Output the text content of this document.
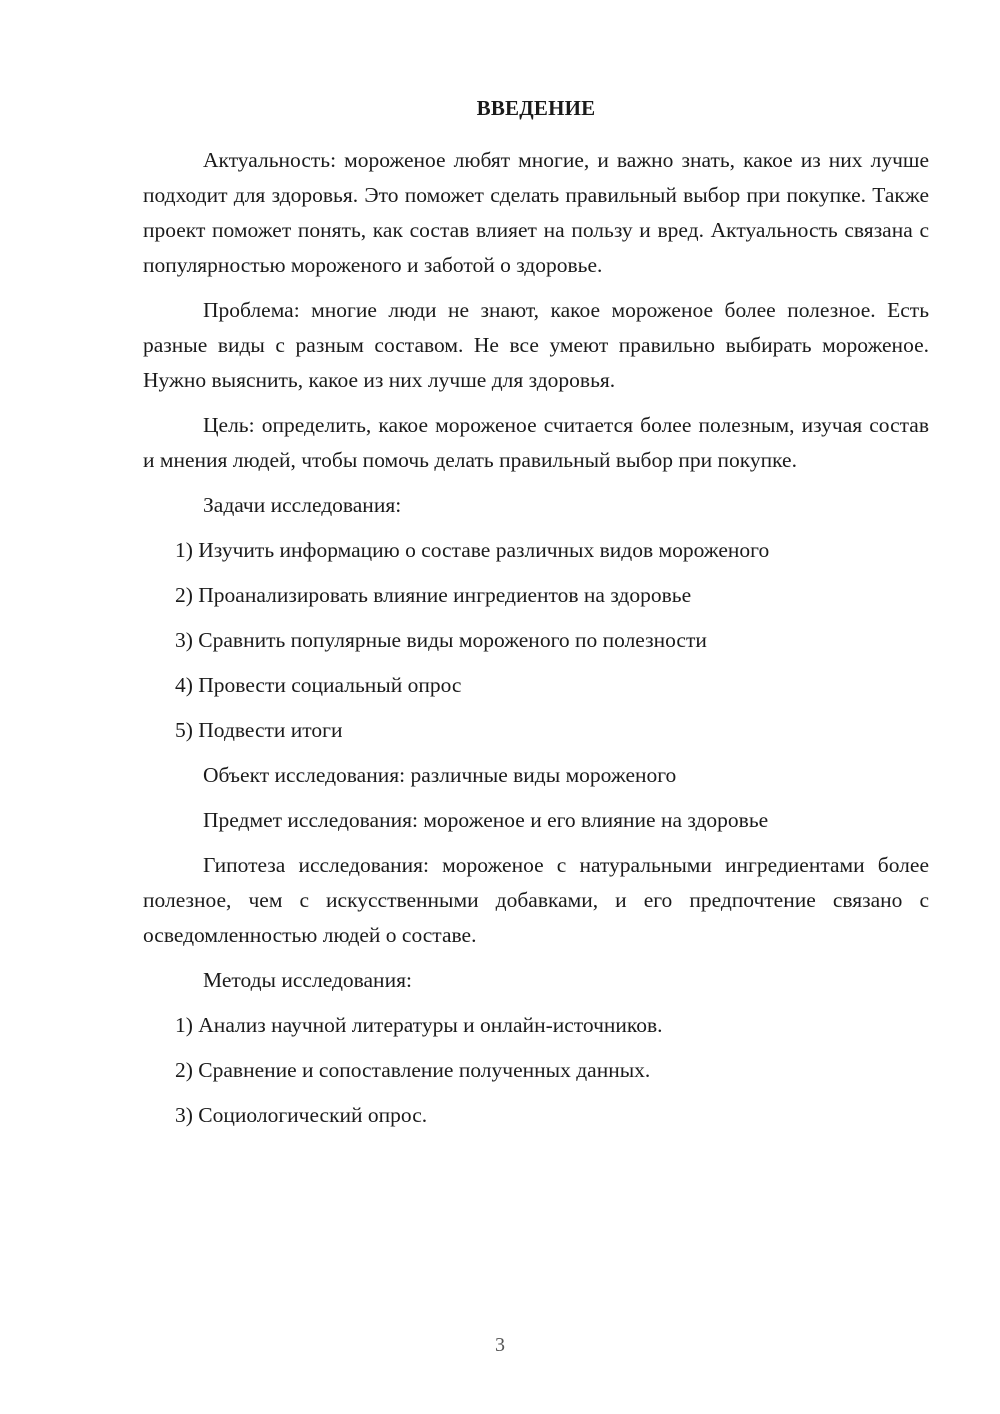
ВВЕДЕНИЕ

Актуальность: мороженое любят многие, и важно знать, какое из них лучше подходит для здоровья. Это поможет сделать правильный выбор при покупке. Также проект поможет понять, как состав влияет на пользу и вред. Актуальность связана с популярностью мороженого и заботой о здоровье.

Проблема: многие люди не знают, какое мороженое более полезное. Есть разные виды с разным составом. Не все умеют правильно выбирать мороженое. Нужно выяснить, какое из них лучше для здоровья.

Цель: определить, какое мороженое считается более полезным, изучая состав и мнения людей, чтобы помочь делать правильный выбор при покупке.

Задачи исследования:

1) Изучить информацию о составе различных видов мороженого
2) Проанализировать влияние ингредиентов на здоровье
3) Сравнить популярные виды мороженого по полезности
4) Провести социальный опрос
5) Подвести итоги

Объект исследования: различные виды мороженого

Предмет исследования: мороженое и его влияние на здоровье

Гипотеза исследования: мороженое с натуральными ингредиентами более полезное, чем с искусственными добавками, и его предпочтение связано с осведомленностью людей о составе.

Методы исследования:

1) Анализ научной литературы и онлайн-источников.
2) Сравнение и сопоставление полученных данных.
3) Социологический опрос.
3
